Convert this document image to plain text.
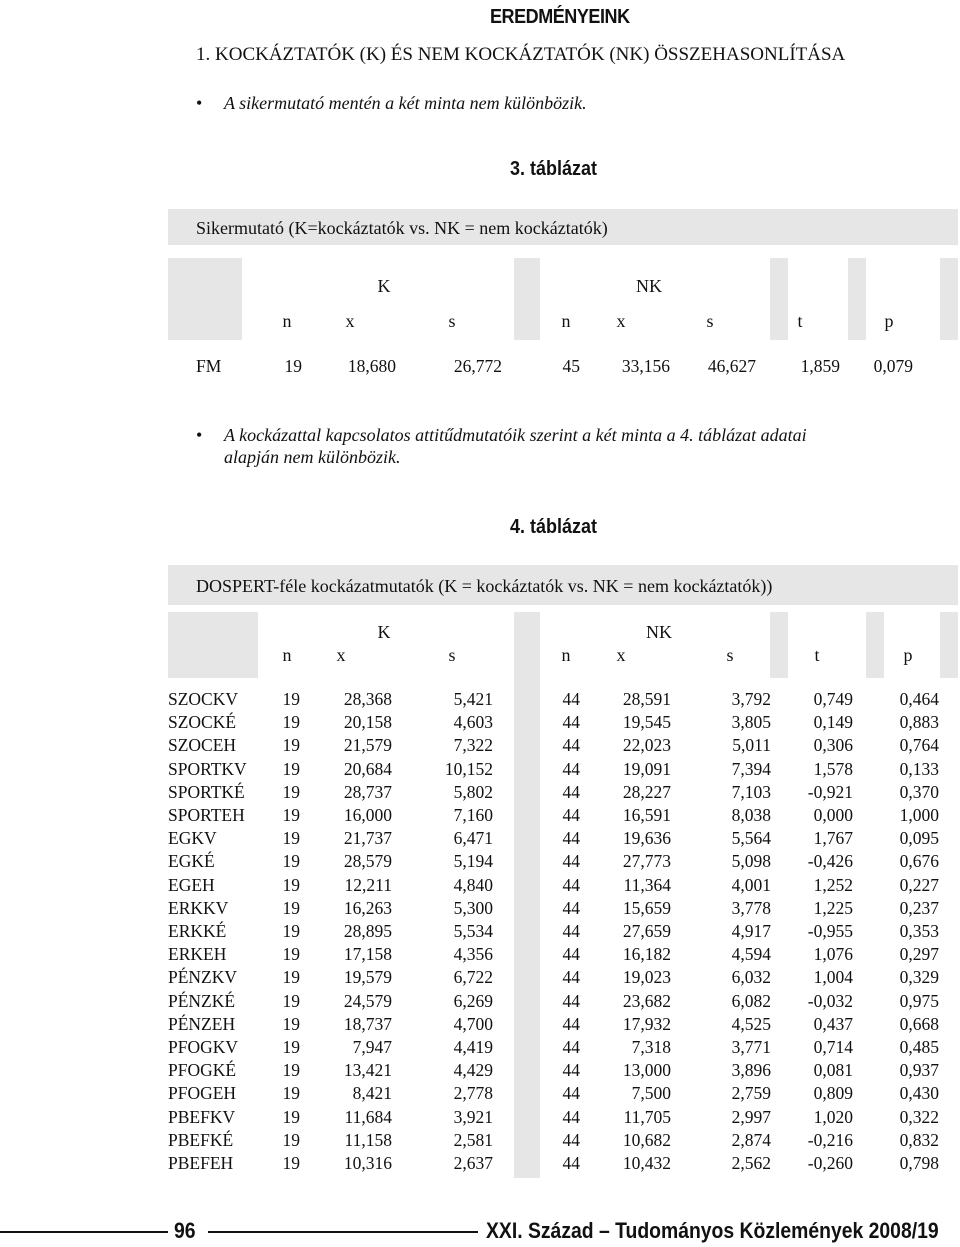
EREDMÉNYEINK
1. KOCKÁZTATÓK (K) ÉS NEM KOCKÁZTATÓK (NK) ÖSSZEHASONLÍTÁSA
• A sikermutató mentén a két minta nem különbözik.
3. táblázat
Sikermutató (K=kockáztatók vs. NK = nem kockáztatók)
K	NK
n	x	s	n	x	s	t	p
FM	19	18,680	26,772	45	33,156	46,627	1,859	0,079
• A kockázattal kapcsolatos attitűdmutatóik szerint a két minta a 4. táblázat adatai
alapján nem különbözik.
4. táblázat
DOSPERT-féle kockázatmutatók (K = kockáztatók vs. NK = nem kockáztatók))
K	NK
n	x	s	n	x	s	t	p
SZOCKV	19	28,368	5,421	44	28,591	3,792	0,749	0,464
SZOCKÉ	19	20,158	4,603	44	19,545	3,805	0,149	0,883
SZOCEH	19	21,579	7,322	44	22,023	5,011	0,306	0,764
SPORTKV	19	20,684	10,152	44	19,091	7,394	1,578	0,133
SPORTKÉ	19	28,737	5,802	44	28,227	7,103	-0,921	0,370
SPORTEH	19	16,000	7,160	44	16,591	8,038	0,000	1,000
EGKV	19	21,737	6,471	44	19,636	5,564	1,767	0,095
EGKÉ	19	28,579	5,194	44	27,773	5,098	-0,426	0,676
EGEH	19	12,211	4,840	44	11,364	4,001	1,252	0,227
ERKKV	19	16,263	5,300	44	15,659	3,778	1,225	0,237
ERKKÉ	19	28,895	5,534	44	27,659	4,917	-0,955	0,353
ERKEH	19	17,158	4,356	44	16,182	4,594	1,076	0,297
PÉNZKV	19	19,579	6,722	44	19,023	6,032	1,004	0,329
PÉNZKÉ	19	24,579	6,269	44	23,682	6,082	-0,032	0,975
PÉNZEH	19	18,737	4,700	44	17,932	4,525	0,437	0,668
PFOGKV	19	7,947	4,419	44	7,318	3,771	0,714	0,485
PFOGKÉ	19	13,421	4,429	44	13,000	3,896	0,081	0,937
PFOGEH	19	8,421	2,778	44	7,500	2,759	0,809	0,430
PBEFKV	19	11,684	3,921	44	11,705	2,997	1,020	0,322
PBEFKÉ	19	11,158	2,581	44	10,682	2,874	-0,216	0,832
PBEFEH	19	10,316	2,637	44	10,432	2,562	-0,260	0,798
96	XXI. Század – Tudományos Közlemények 2008/19
